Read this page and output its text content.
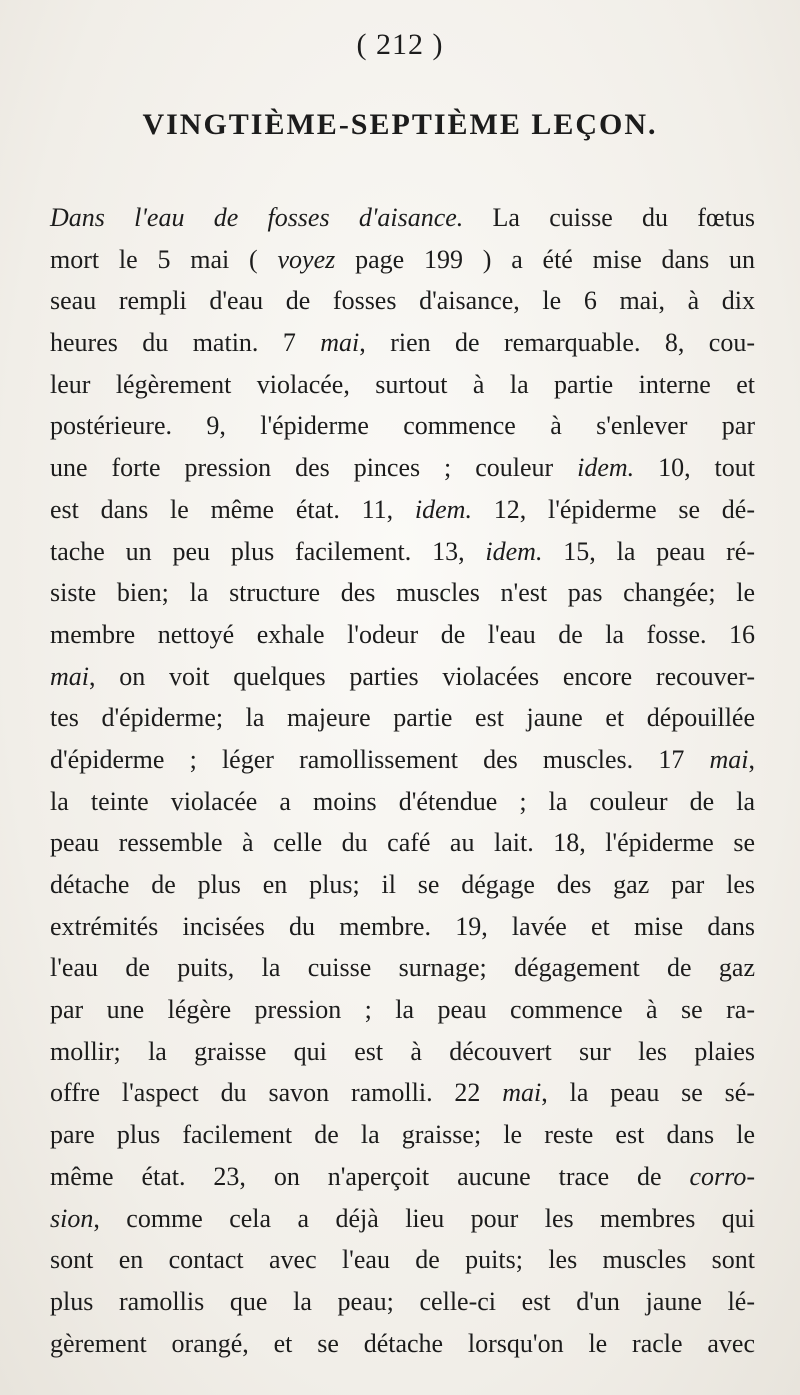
( 212 )
VINGTIÈME-SEPTIÈME LEÇON.
Dans l'eau de fosses d'aisance. La cuisse du fœtus
mort le 5 mai ( voyez page 199 ) a été mise dans un
seau rempli d'eau de fosses d'aisance, le 6 mai, à dix
heures du matin. 7 mai, rien de remarquable. 8, cou-
leur légèrement violacée, surtout à la partie interne et
postérieure. 9, l'épiderme commence à s'enlever par
une forte pression des pinces ; couleur idem. 10, tout
est dans le même état. 11, idem. 12, l'épiderme se dé-
tache un peu plus facilement. 13, idem. 15, la peau ré-
siste bien; la structure des muscles n'est pas changée; le
membre nettoyé exhale l'odeur de l'eau de la fosse. 16
mai, on voit quelques parties violacées encore recouver-
tes d'épiderme; la majeure partie est jaune et dépouillée
d'épiderme ; léger ramollissement des muscles. 17 mai,
la teinte violacée a moins d'étendue ; la couleur de la
peau ressemble à celle du café au lait. 18, l'épiderme se
détache de plus en plus; il se dégage des gaz par les
extrémités incisées du membre. 19, lavée et mise dans
l'eau de puits, la cuisse surnage; dégagement de gaz
par une légère pression ; la peau commence à se ra-
mollir; la graisse qui est à découvert sur les plaies
offre l'aspect du savon ramolli. 22 mai, la peau se sé-
pare plus facilement de la graisse; le reste est dans le
même état. 23, on n'aperçoit aucune trace de corro-
sion, comme cela a déjà lieu pour les membres qui
sont en contact avec l'eau de puits; les muscles sont
plus ramollis que la peau; celle-ci est d'un jaune lé-
gèrement orangé, et se détache lorsqu'on le racle avec
